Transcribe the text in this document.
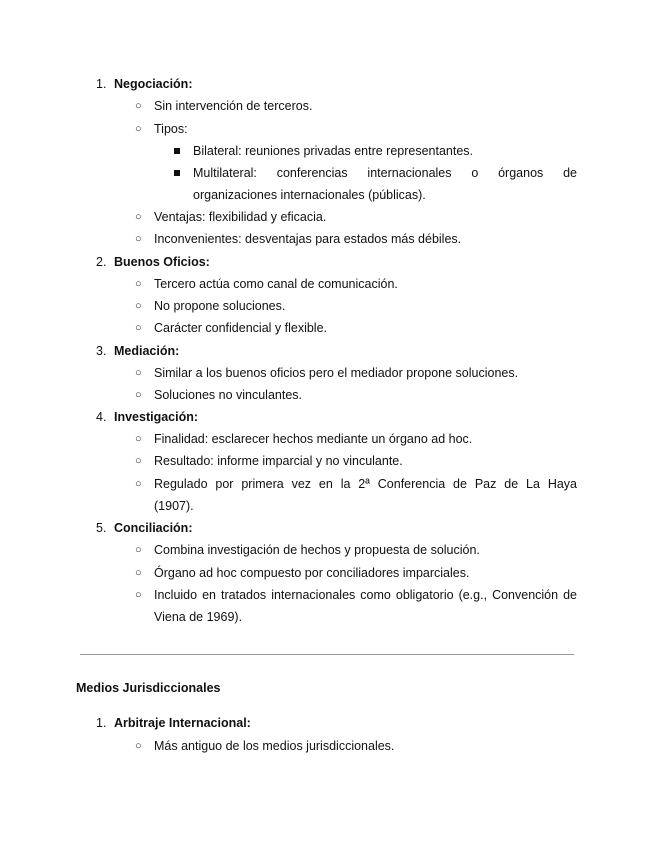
1. Negociación:
○ Sin intervención de terceros.
○ Tipos:
Bilateral: reuniones privadas entre representantes.
Multilateral: conferencias internacionales o órganos de
organizaciones internacionales (públicas).
○ Ventajas: flexibilidad y eficacia.
○ Inconvenientes: desventajas para estados más débiles.
2. Buenos Oficios:
○ Tercero actúa como canal de comunicación.
○ No propone soluciones.
○ Carácter confidencial y flexible.
3. Mediación:
○ Similar a los buenos oficios pero el mediador propone soluciones.
○ Soluciones no vinculantes.
4. Investigación:
○ Finalidad: esclarecer hechos mediante un órgano ad hoc.
○ Resultado: informe imparcial y no vinculante.
○ Regulado por primera vez en la 2ª Conferencia de Paz de La Haya
(1907).
5. Conciliación:
○ Combina investigación de hechos y propuesta de solución.
○ Órgano ad hoc compuesto por conciliadores imparciales.
○ Incluido en tratados internacionales como obligatorio (e.g., Convención de
Viena de 1969).
Medios Jurisdiccionales
1. Arbitraje Internacional:
○ Más antiguo de los medios jurisdiccionales.
